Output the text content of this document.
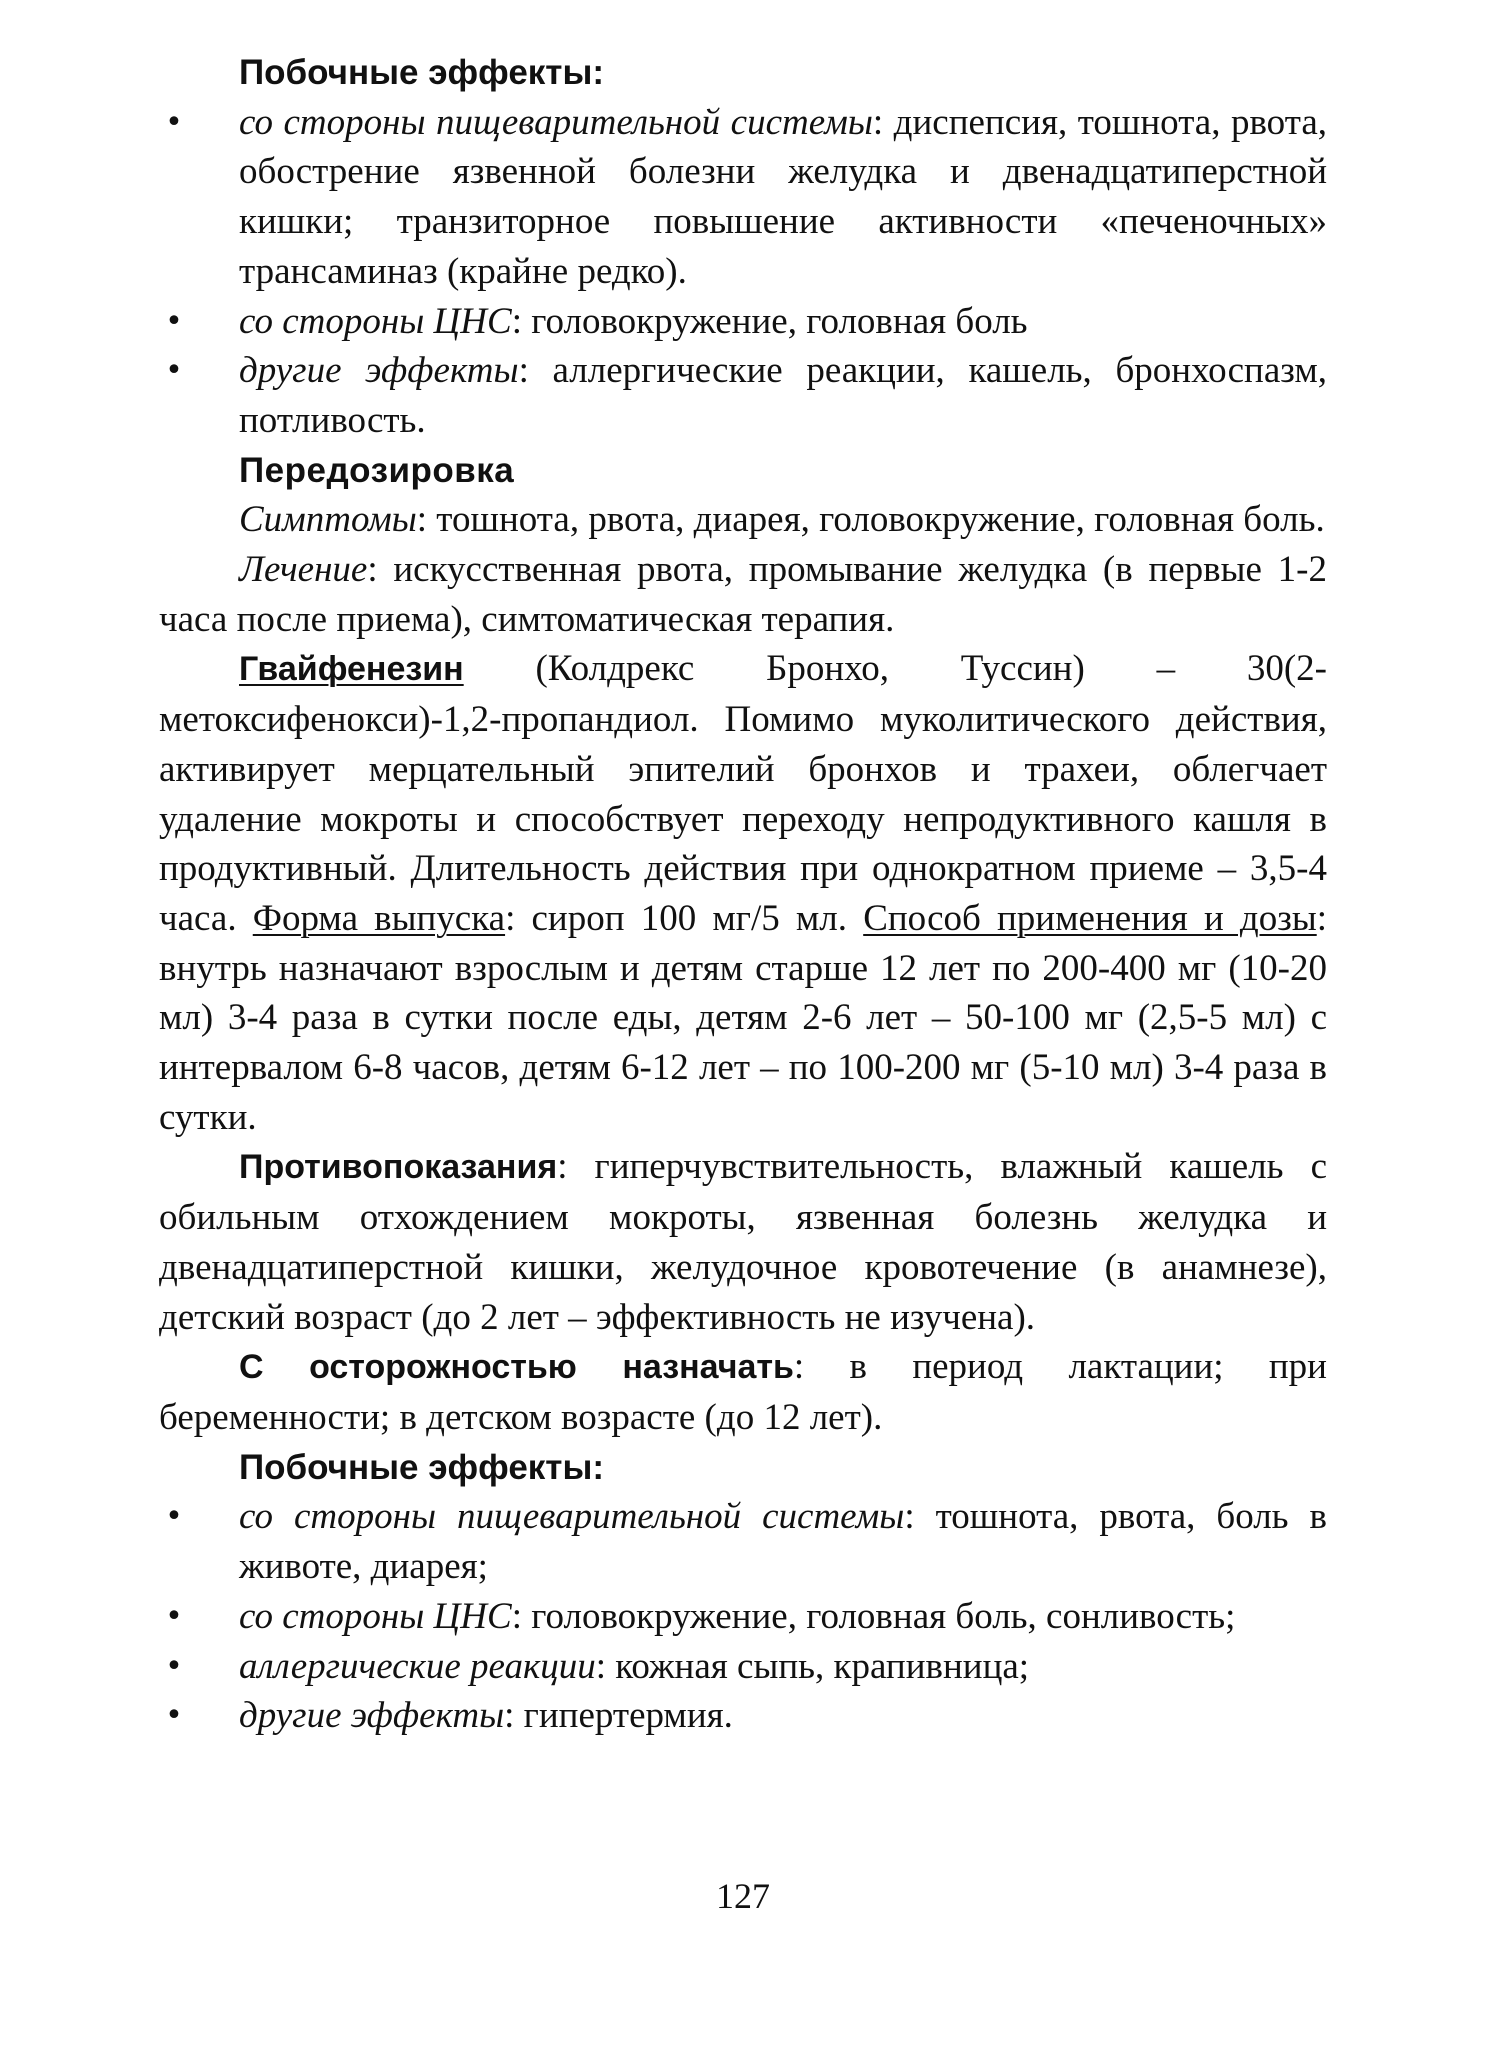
Побочные эффекты:

• со стороны пищеварительной системы: диспепсия, тошнота, рвота, обострение язвенной болезни желудка и двенадцатиперстной кишки; транзиторное повышение активности «печеночных» трансаминаз (крайне редко).
• со стороны ЦНС: головокружение, головная боль
• другие эффекты: аллергические реакции, кашель, бронхоспазм, потливость.

Передозировка

Симптомы: тошнота, рвота, диарея, головокружение, головная боль.

Лечение: искусственная рвота, промывание желудка (в первые 1-2 часа после приема), симтоматическая терапия.

Гвайфенезин (Колдрекс Бронхо, Туссин) – 30(2-метоксифенокси)-1,2-пропандиол. Помимо муколитического действия, активирует мерцательный эпителий бронхов и трахеи, облегчает удаление мокроты и способствует переходу непродуктивного кашля в продуктивный. Длительность действия при однократном приеме – 3,5-4 часа. Форма выпуска: сироп 100 мг/5 мл. Способ применения и дозы: внутрь назначают взрослым и детям старше 12 лет по 200-400 мг (10-20 мл) 3-4 раза в сутки после еды, детям 2-6 лет – 50-100 мг (2,5-5 мл) с интервалом 6-8 часов, детям 6-12 лет – по 100-200 мг (5-10 мл) 3-4 раза в сутки.

Противопоказания: гиперчувствительность, влажный кашель с обильным отхождением мокроты, язвенная болезнь желудка и двенадцатиперстной кишки, желудочное кровотечение (в анамнезе), детский возраст (до 2 лет – эффективность не изучена).

С осторожностью назначать: в период лактации; при беременности; в детском возрасте (до 12 лет).

Побочные эффекты:

• со стороны пищеварительной системы: тошнота, рвота, боль в животе, диарея;
• со стороны ЦНС: головокружение, головная боль, сонливость;
• аллергические реакции: кожная сыпь, крапивница;
• другие эффекты: гипертермия.
127
